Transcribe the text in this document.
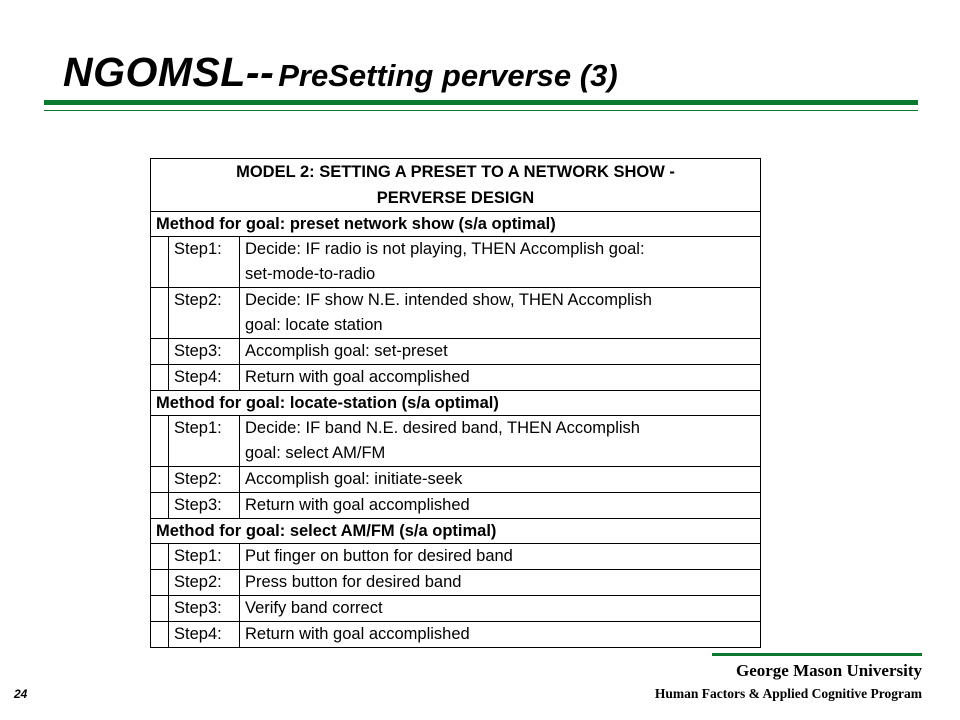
NGOMSL-- PreSetting perverse (3)
MODEL 2: SETTING A PRESET TO A NETWORK SHOW -
PERVERSE DESIGN		

Method for goal: preset network show (s/a optimal)		
	Step1:	Decide: IF radio is not playing, THEN Accomplish goal:
set-mode-to-radio

	Step2:	Decide: IF show N.E. intended show, THEN Accomplish
goal: locate station

	Step3:	Accomplish goal: set-preset

	Step4:	Return with goal accomplished

Method for goal: locate-station (s/a optimal)		
	Step1:	Decide: IF band N.E. desired band, THEN Accomplish
goal: select AM/FM

	Step2:	Accomplish goal: initiate-seek

	Step3:	Return with goal accomplished

Method for goal: select AM/FM (s/a optimal)		
	Step1:	Put finger on button for desired band

	Step2:	Press button for desired band

	Step3:	Verify band correct

	Step4:	Return with goal accomplished
George Mason University
Human Factors & Applied Cognitive Program
24
